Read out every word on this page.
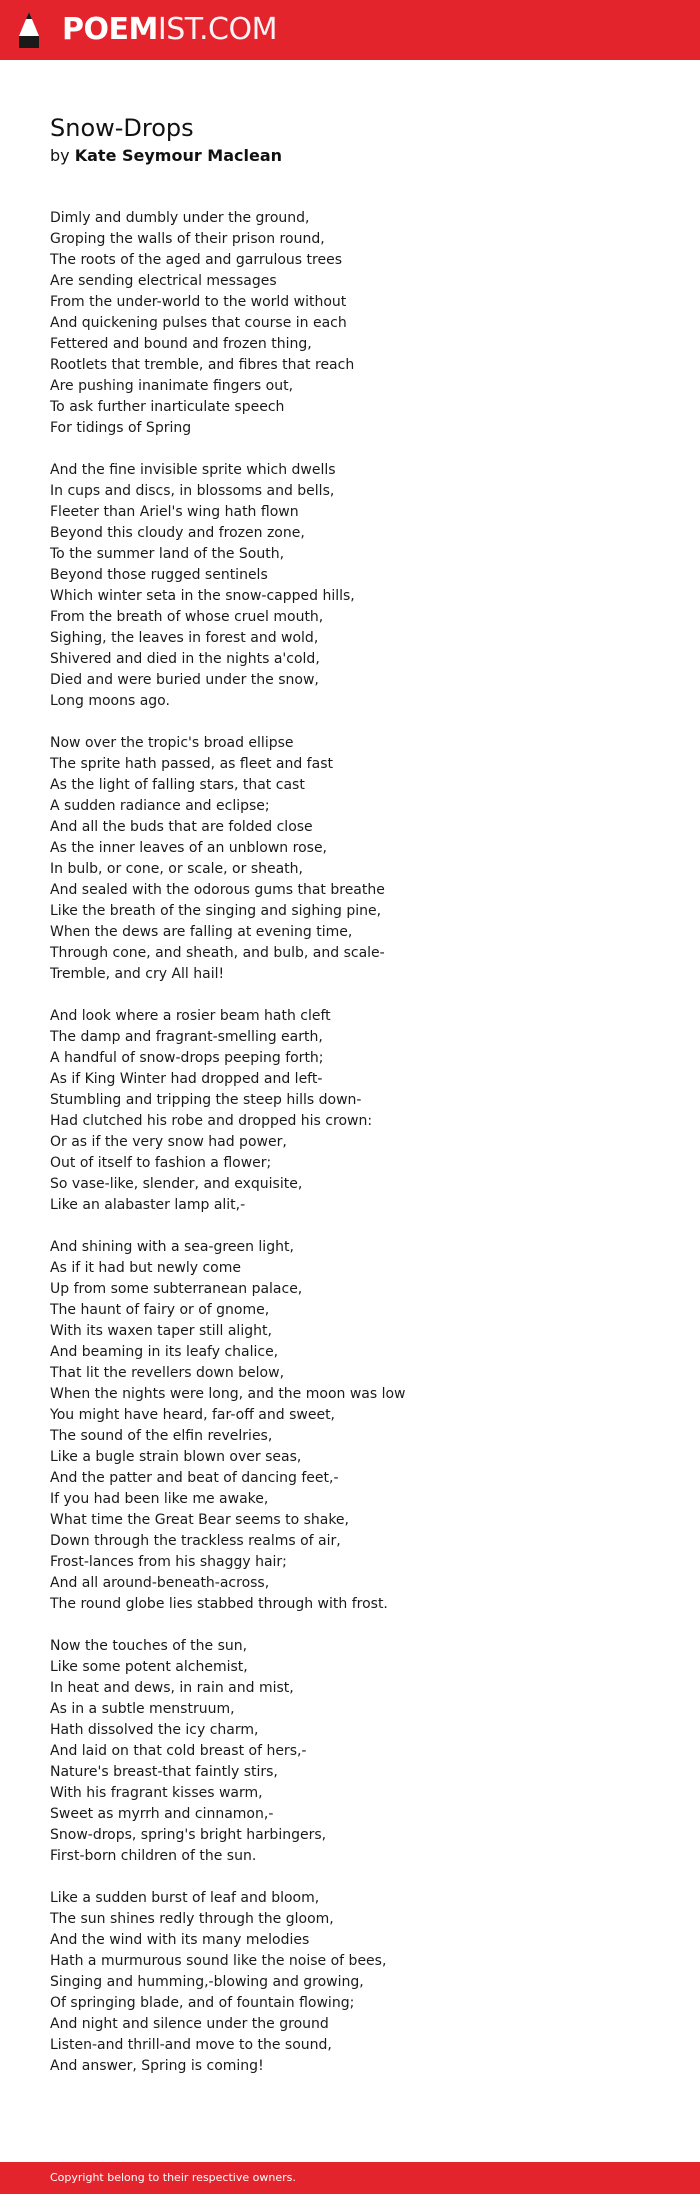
POEMIST.COM
Snow-Drops

by Kate Seymour Maclean

Dimly and dumbly under the ground,
Groping the walls of their prison round,
The roots of the aged and garrulous trees
Are sending electrical messages
From the under-world to the world without
And quickening pulses that course in each
Fettered and bound and frozen thing,
Rootlets that tremble, and fibres that reach
Are pushing inanimate fingers out,
To ask further inarticulate speech
For tidings of Spring
And the fine invisible sprite which dwells
In cups and discs, in blossoms and bells,
Fleeter than Ariel's wing hath flown
Beyond this cloudy and frozen zone,
To the summer land of the South,
Beyond those rugged sentinels
Which winter seta in the snow-capped hills,
From the breath of whose cruel mouth,
Sighing, the leaves in forest and wold,
Shivered and died in the nights a'cold,
Died and were buried under the snow,
Long moons ago.
Now over the tropic's broad ellipse
The sprite hath passed, as fleet and fast
As the light of falling stars, that cast
A sudden radiance and eclipse;
And all the buds that are folded close
As the inner leaves of an unblown rose,
In bulb, or cone, or scale, or sheath,
And sealed with the odorous gums that breathe
Like the breath of the singing and sighing pine,
When the dews are falling at evening time,
Through cone, and sheath, and bulb, and scale-
Tremble, and cry All hail!
And look where a rosier beam hath cleft
The damp and fragrant-smelling earth,
A handful of snow-drops peeping forth;
As if King Winter had dropped and left-
Stumbling and tripping the steep hills down-
Had clutched his robe and dropped his crown:
Or as if the very snow had power,
Out of itself to fashion a flower;
So vase-like, slender, and exquisite,
Like an alabaster lamp alit,-
And shining with a sea-green light,
As if it had but newly come
Up from some subterranean palace,
The haunt of fairy or of gnome,
With its waxen taper still alight,
And beaming in its leafy chalice,
That lit the revellers down below,
When the nights were long, and the moon was low
You might have heard, far-off and sweet,
The sound of the elfin revelries,
Like a bugle strain blown over seas,
And the patter and beat of dancing feet,-
If you had been like me awake,
What time the Great Bear seems to shake,
Down through the trackless realms of air,
Frost-lances from his shaggy hair;
And all around-beneath-across,
The round globe lies stabbed through with frost.
Now the touches of the sun,
Like some potent alchemist,
In heat and dews, in rain and mist,
As in a subtle menstruum,
Hath dissolved the icy charm,
And laid on that cold breast of hers,-
Nature's breast-that faintly stirs,
With his fragrant kisses warm,
Sweet as myrrh and cinnamon,-
Snow-drops, spring's bright harbingers,
First-born children of the sun.
Like a sudden burst of leaf and bloom,
The sun shines redly through the gloom,
And the wind with its many melodies
Hath a murmurous sound like the noise of bees,
Singing and humming,-blowing and growing,
Of springing blade, and of fountain flowing;
And night and silence under the ground
Listen-and thrill-and move to the sound,
And answer, Spring is coming!
Copyright belong to their respective owners.
